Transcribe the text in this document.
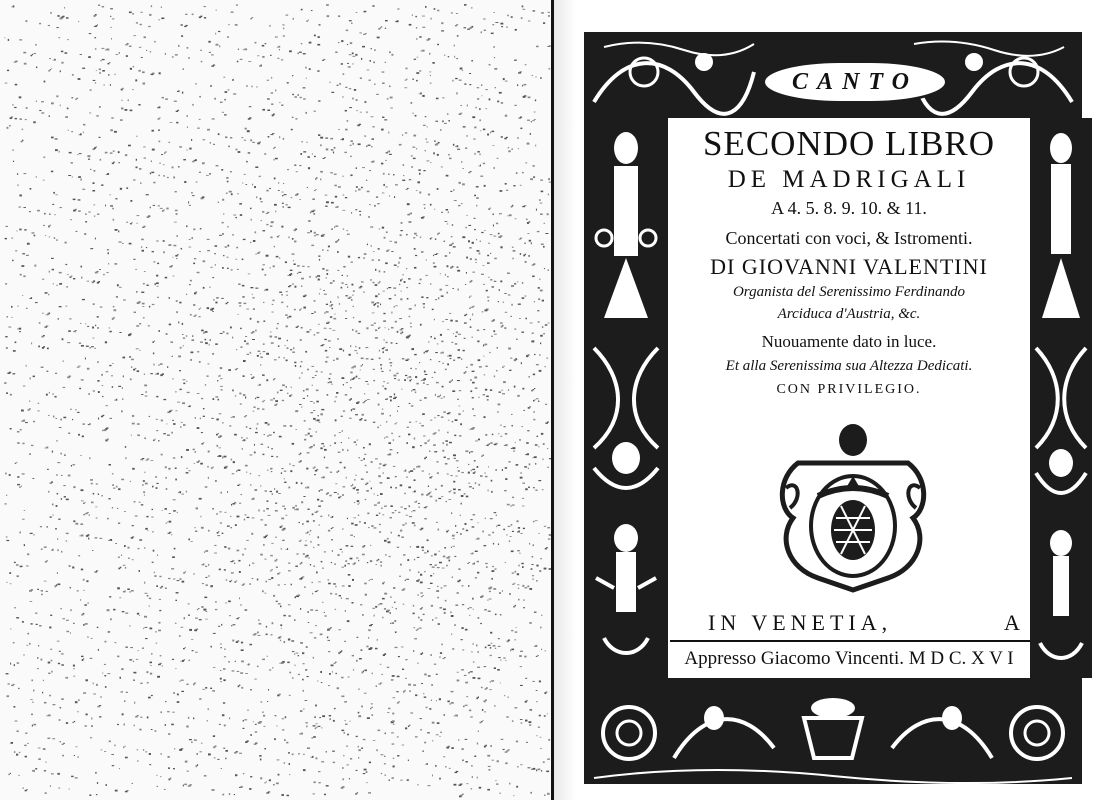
CANTO
SECONDO LIBRO
DE MADRIGALI
A 4. 5. 8. 9. 10. & 11.
Concertati con voci, & Istromenti.
DI GIOVANNI VALENTINI
Organista del Serenissimo Ferdinando
Arciduca d'Austria, &c.
Nuouamente dato in luce.
Et alla Serenissima sua Altezza Dedicati.
CON PRIVILEGIO.
IN VENETIA,	A
Appresso Giacomo Vincenti. M D C. X V I
